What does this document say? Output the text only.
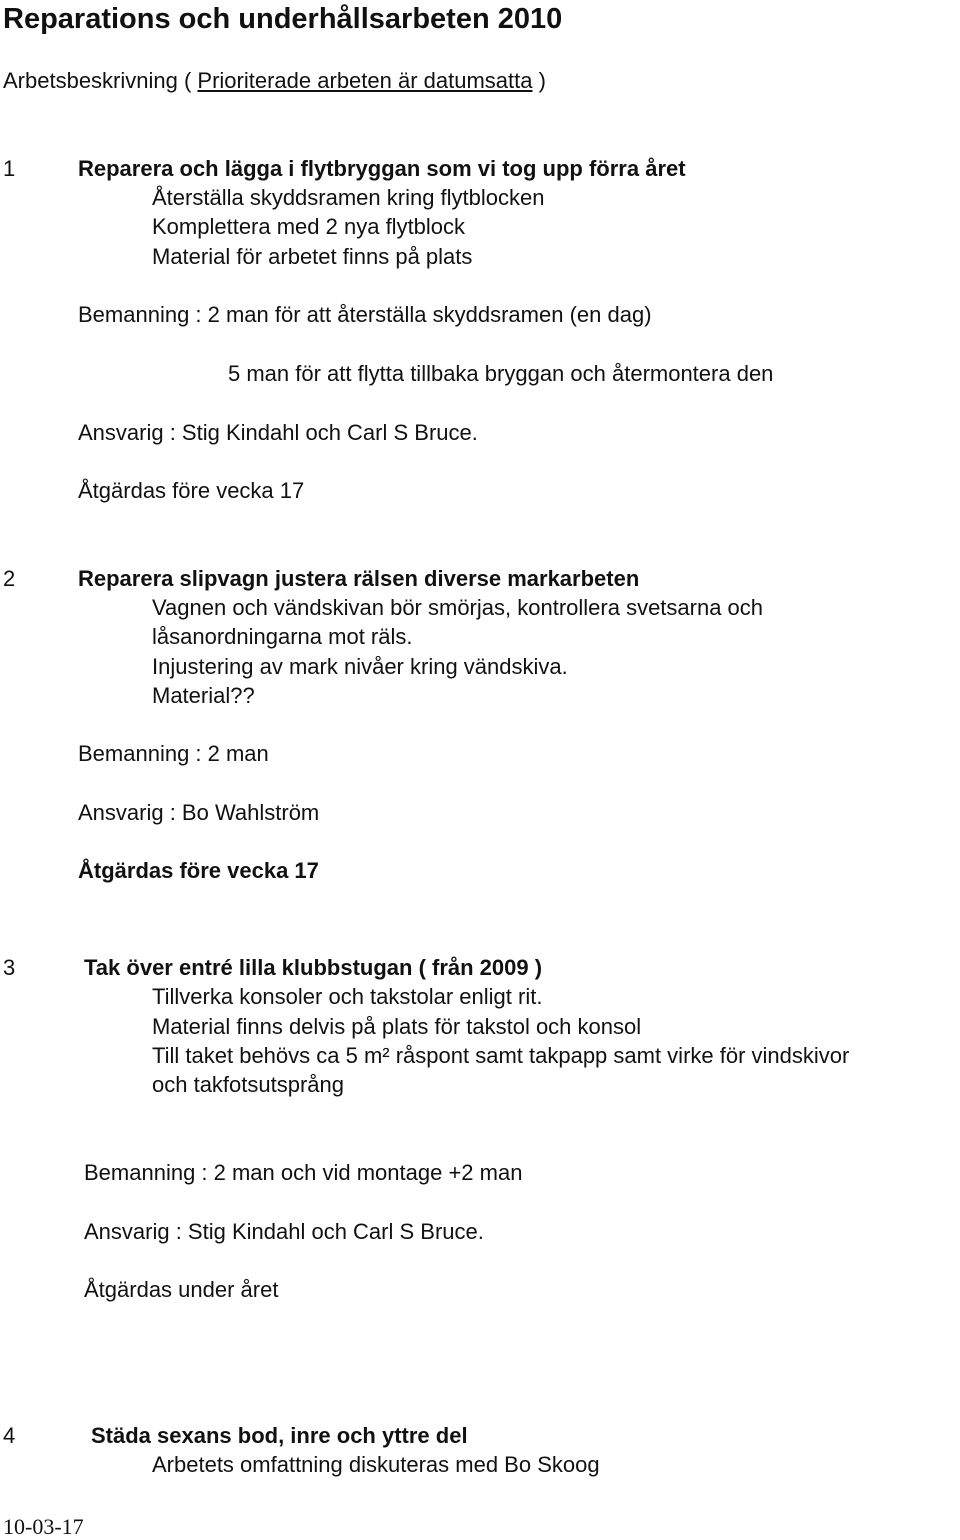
Reparations och underhållsarbeten 2010
Arbetsbeskrivning ( Prioriterade arbeten är datumsatta )
1	Reparera och lägga i flytbryggan som vi tog upp förra året
Återställa skyddsramen kring flytblocken
Komplettera med 2 nya flytblock
Material för arbetet finns på plats
Bemanning : 2 man för att återställa skyddsramen (en dag)
5 man för att flytta tillbaka bryggan och återmontera den
Ansvarig : Stig Kindahl och Carl S Bruce.
Åtgärdas före vecka 17
2	Reparera slipvagn justera rälsen diverse markarbeten
Vagnen och vändskivan bör smörjas, kontrollera svetsarna och
låsanordningarna mot räls.
Injustering av mark nivåer kring vändskiva.
Material??
Bemanning : 2 man
Ansvarig : Bo Wahlström
Åtgärdas före vecka 17
3	Tak över entré lilla klubbstugan ( från 2009 )
Tillverka konsoler och takstolar enligt rit.
Material finns delvis på plats för takstol och konsol
Till taket behövs ca 5 m² råspont samt takpapp samt virke för vindskivor
och takfotsutsprång
Bemanning : 2 man och vid montage +2 man
Ansvarig : Stig Kindahl och Carl S Bruce.
Åtgärdas under året
4	Städa sexans bod, inre och yttre del
Arbetets omfattning diskuteras med Bo Skoog
10-03-17
